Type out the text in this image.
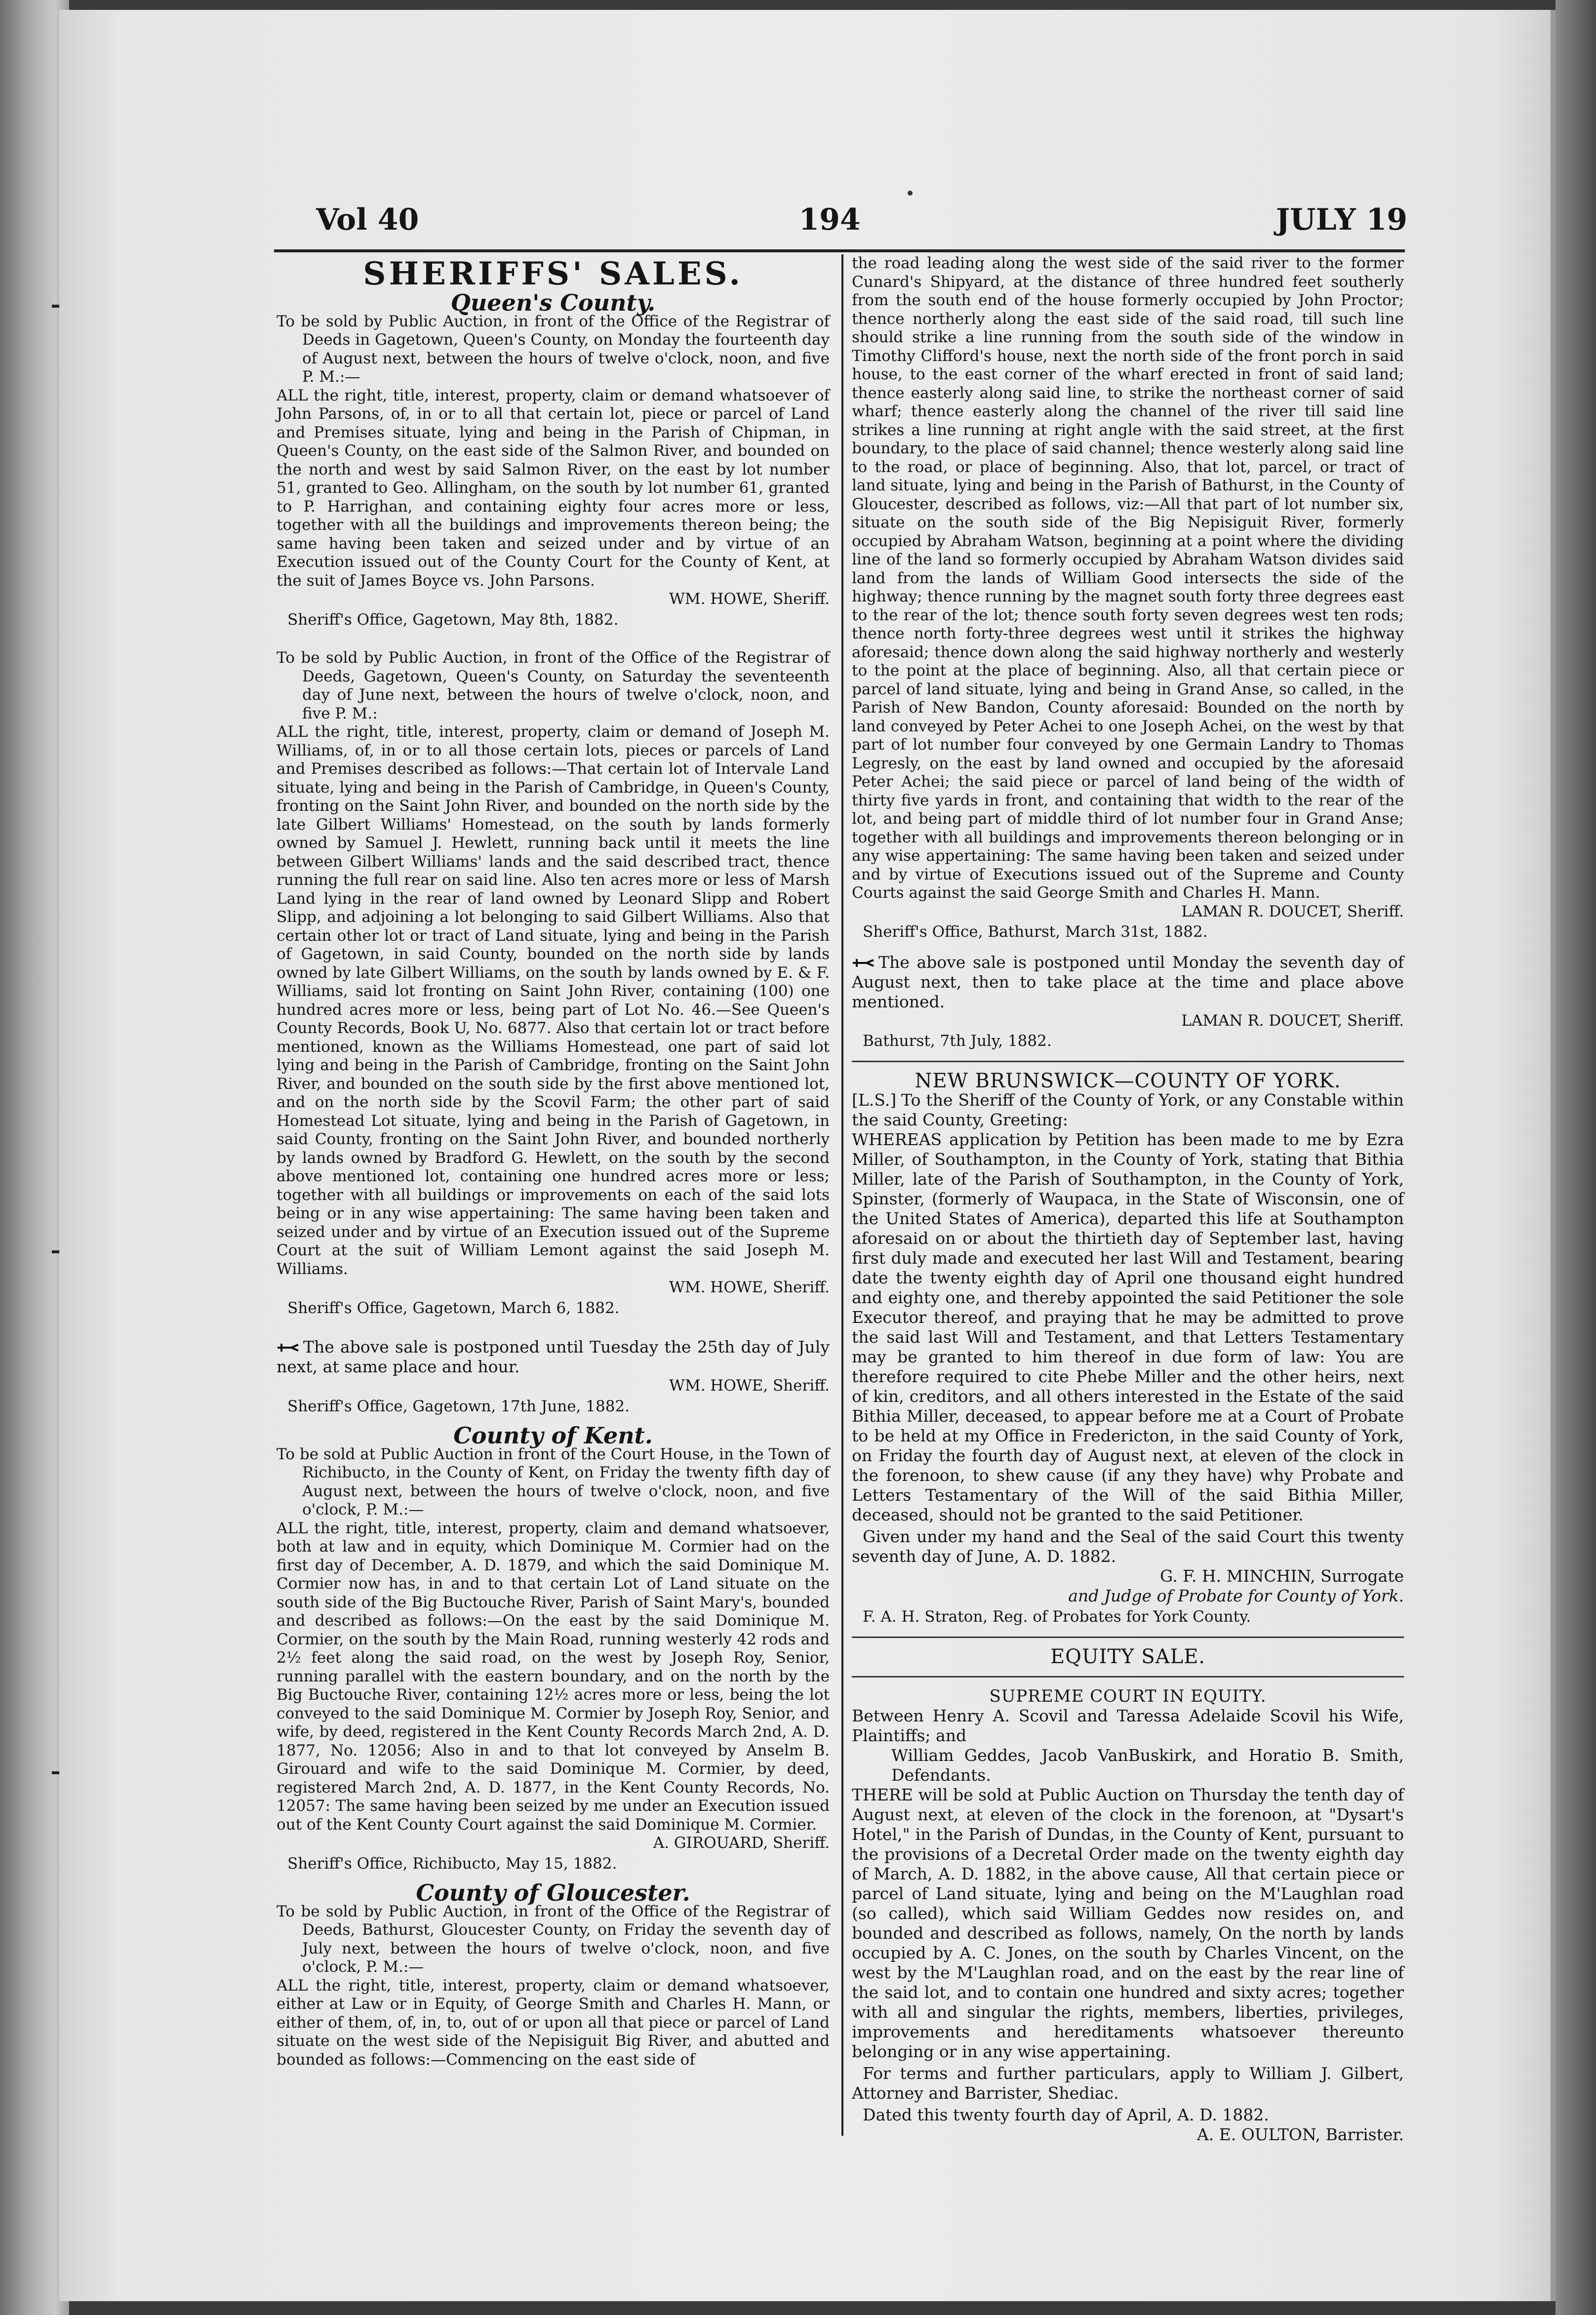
Vol 40	194	JULY 19

SHERIFFS' SALES.

Queen's County.

To be sold by Public Auction, in front of the Office of the Registrar of Deeds in Gagetown, Queen's County, on Monday the fourteenth day of August next, between the hours of twelve o'clock, noon, and five P. M.:—

ALL the right, title, interest, property, claim or demand whatsoever of John Parsons, of, in or to all that certain lot, piece or parcel of Land and Premises situate, lying and being in the Parish of Chipman, in Queen's County, on the east side of the Salmon River, and bounded on the north and west by said Salmon River, on the east by lot number 51, granted to Geo. Allingham, on the south by lot number 61, granted to P. Harrighan, and containing eighty four acres more or less, together with all the buildings and improvements thereon being; the same having been taken and seized under and by virtue of an Execution issued out of the County Court for the County of Kent, at the suit of James Boyce vs. John Parsons.

WM. HOWE, Sheriff.

Sheriff's Office, Gagetown, May 8th, 1882.

To be sold by Public Auction, in front of the Office of the Registrar of Deeds, Gagetown, Queen's County, on Saturday the seventeenth day of June next, between the hours of twelve o'clock, noon, and five P. M.:

ALL the right, title, interest, property, claim or demand of Joseph M. Williams, of, in or to all those certain lots, pieces or parcels of Land and Premises described as follows:—That certain lot of Intervale Land situate, lying and being in the Parish of Cambridge, in Queen's County, fronting on the Saint John River, and bounded on the north side by the late Gilbert Williams' Homestead, on the south by lands formerly owned by Samuel J. Hewlett, running back until it meets the line between Gilbert Williams' lands and the said described tract, thence running the full rear on said line. Also ten acres more or less of Marsh Land lying in the rear of land owned by Leonard Slipp and Robert Slipp, and adjoining a lot belonging to said Gilbert Williams. Also that certain other lot or tract of Land situate, lying and being in the Parish of Gagetown, in said County, bounded on the north side by lands owned by late Gilbert Williams, on the south by lands owned by E. & F. Williams, said lot fronting on Saint John River, containing (100) one hundred acres more or less, being part of Lot No. 46.—See Queen's County Records, Book U, No. 6877. Also that certain lot or tract before mentioned, known as the Williams Homestead, one part of said lot lying and being in the Parish of Cambridge, fronting on the Saint John River, and bounded on the south side by the first above mentioned lot, and on the north side by the Scovil Farm; the other part of said Homestead Lot situate, lying and being in the Parish of Gagetown, in said County, fronting on the Saint John River, and bounded northerly by lands owned by Bradford G. Hewlett, on the south by the second above mentioned lot, containing one hundred acres more or less; together with all buildings or improvements on each of the said lots being or in any wise appertaining: The same having been taken and seized under and by virtue of an Execution issued out of the Supreme Court at the suit of William Lemont against the said Joseph M. Williams.

WM. HOWE, Sheriff.

Sheriff's Office, Gagetown, March 6, 1882.

The above sale is postponed until Tuesday the 25th day of July next, at same place and hour.

WM. HOWE, Sheriff.

Sheriff's Office, Gagetown, 17th June, 1882.

County of Kent.

To be sold at Public Auction in front of the Court House, in the Town of Richibucto, in the County of Kent, on Friday the twenty fifth day of August next, between the hours of twelve o'clock, noon, and five o'clock, P. M.:—

ALL the right, title, interest, property, claim and demand whatsoever, both at law and in equity, which Dominique M. Cormier had on the first day of December, A. D. 1879, and which the said Dominique M. Cormier now has, in and to that certain Lot of Land situate on the south side of the Big Buctouche River, Parish of Saint Mary's, bounded and described as follows:—On the east by the said Dominique M. Cormier, on the south by the Main Road, running westerly 42 rods and 2½ feet along the said road, on the west by Joseph Roy, Senior, running parallel with the eastern boundary, and on the north by the Big Buctouche River, containing 12½ acres more or less, being the lot conveyed to the said Dominique M. Cormier by Joseph Roy, Senior, and wife, by deed, registered in the Kent County Records March 2nd, A. D. 1877, No. 12056; Also in and to that lot conveyed by Anselm B. Girouard and wife to the said Dominique M. Cormier, by deed, registered March 2nd, A. D. 1877, in the Kent County Records, No. 12057: The same having been seized by me under an Execution issued out of the Kent County Court against the said Dominique M. Cormier.

A. GIROUARD, Sheriff.

Sheriff's Office, Richibucto, May 15, 1882.

County of Gloucester.

To be sold by Public Auction, in front of the Office of the Registrar of Deeds, Bathurst, Gloucester County, on Friday the seventh day of July next, between the hours of twelve o'clock, noon, and five o'clock, P. M.:—

ALL the right, title, interest, property, claim or demand whatsoever, either at Law or in Equity, of George Smith and Charles H. Mann, or either of them, of, in, to, out of or upon all that piece or parcel of Land situate on the west side of the Nepisiguit Big River, and abutted and bounded as follows:—Commencing on the east side of

the road leading along the west side of the said river to the former Cunard's Shipyard, at the distance of three hundred feet southerly from the south end of the house formerly occupied by John Proctor; thence northerly along the east side of the said road, till such line should strike a line running from the south side of the window in Timothy Clifford's house, next the north side of the front porch in said house, to the east corner of the wharf erected in front of said land; thence easterly along said line, to strike the northeast corner of said wharf; thence easterly along the channel of the river till said line strikes a line running at right angle with the said street, at the first boundary, to the place of said channel; thence westerly along said line to the road, or place of beginning. Also, that lot, parcel, or tract of land situate, lying and being in the Parish of Bathurst, in the County of Gloucester, described as follows, viz:—All that part of lot number six, situate on the south side of the Big Nepisiguit River, formerly occupied by Abraham Watson, beginning at a point where the dividing line of the land so formerly occupied by Abraham Watson divides said land from the lands of William Good intersects the side of the highway; thence running by the magnet south forty three degrees east to the rear of the lot; thence south forty seven degrees west ten rods; thence north forty-three degrees west until it strikes the highway aforesaid; thence down along the said highway northerly and westerly to the point at the place of beginning. Also, all that certain piece or parcel of land situate, lying and being in Grand Anse, so called, in the Parish of New Bandon, County aforesaid: Bounded on the north by land conveyed by Peter Achei to one Joseph Achei, on the west by that part of lot number four conveyed by one Germain Landry to Thomas Legresly, on the east by land owned and occupied by the aforesaid Peter Achei; the said piece or parcel of land being of the width of thirty five yards in front, and containing that width to the rear of the lot, and being part of middle third of lot number four in Grand Anse; together with all buildings and improvements thereon belonging or in any wise appertaining: The same having been taken and seized under and by virtue of Executions issued out of the Supreme and County Courts against the said George Smith and Charles H. Mann.

LAMAN R. DOUCET, Sheriff.

Sheriff's Office, Bathurst, March 31st, 1882.

The above sale is postponed until Monday the seventh day of August next, then to take place at the time and place above mentioned.

LAMAN R. DOUCET, Sheriff.

Bathurst, 7th July, 1882.

NEW BRUNSWICK—COUNTY OF YORK.

[L.S.] To the Sheriff of the County of York, or any Constable within the said County, Greeting:

WHEREAS application by Petition has been made to me by Ezra Miller, of Southampton, in the County of York, stating that Bithia Miller, late of the Parish of Southampton, in the County of York, Spinster, (formerly of Waupaca, in the State of Wisconsin, one of the United States of America), departed this life at Southampton aforesaid on or about the thirtieth day of September last, having first duly made and executed her last Will and Testament, bearing date the twenty eighth day of April one thousand eight hundred and eighty one, and thereby appointed the said Petitioner the sole Executor thereof, and praying that he may be admitted to prove the said last Will and Testament, and that Letters Testamentary may be granted to him thereof in due form of law: You are therefore required to cite Phebe Miller and the other heirs, next of kin, creditors, and all others interested in the Estate of the said Bithia Miller, deceased, to appear before me at a Court of Probate to be held at my Office in Fredericton, in the said County of York, on Friday the fourth day of August next, at eleven of the clock in the forenoon, to shew cause (if any they have) why Probate and Letters Testamentary of the Will of the said Bithia Miller, deceased, should not be granted to the said Petitioner.

Given under my hand and the Seal of the said Court this twenty seventh day of June, A. D. 1882.

G. F. H. MINCHIN, Surrogate

and Judge of Probate for County of York.

F. A. H. Straton, Reg. of Probates for York County.

EQUITY SALE.

SUPREME COURT IN EQUITY.

Between Henry A. Scovil and Taressa Adelaide Scovil his Wife, Plaintiffs; and

William Geddes, Jacob VanBuskirk, and Horatio B. Smith, Defendants.

THERE will be sold at Public Auction on Thursday the tenth day of August next, at eleven of the clock in the forenoon, at "Dysart's Hotel," in the Parish of Dundas, in the County of Kent, pursuant to the provisions of a Decretal Order made on the twenty eighth day of March, A. D. 1882, in the above cause, All that certain piece or parcel of Land situate, lying and being on the M'Laughlan road (so called), which said William Geddes now resides on, and bounded and described as follows, namely, On the north by lands occupied by A. C. Jones, on the south by Charles Vincent, on the west by the M'Laughlan road, and on the east by the rear line of the said lot, and to contain one hundred and sixty acres; together with all and singular the rights, members, liberties, privileges, improvements and hereditaments whatsoever thereunto belonging or in any wise appertaining.

For terms and further particulars, apply to William J. Gilbert, Attorney and Barrister, Shediac.

Dated this twenty fourth day of April, A. D. 1882.

A. E. OULTON, Barrister.
